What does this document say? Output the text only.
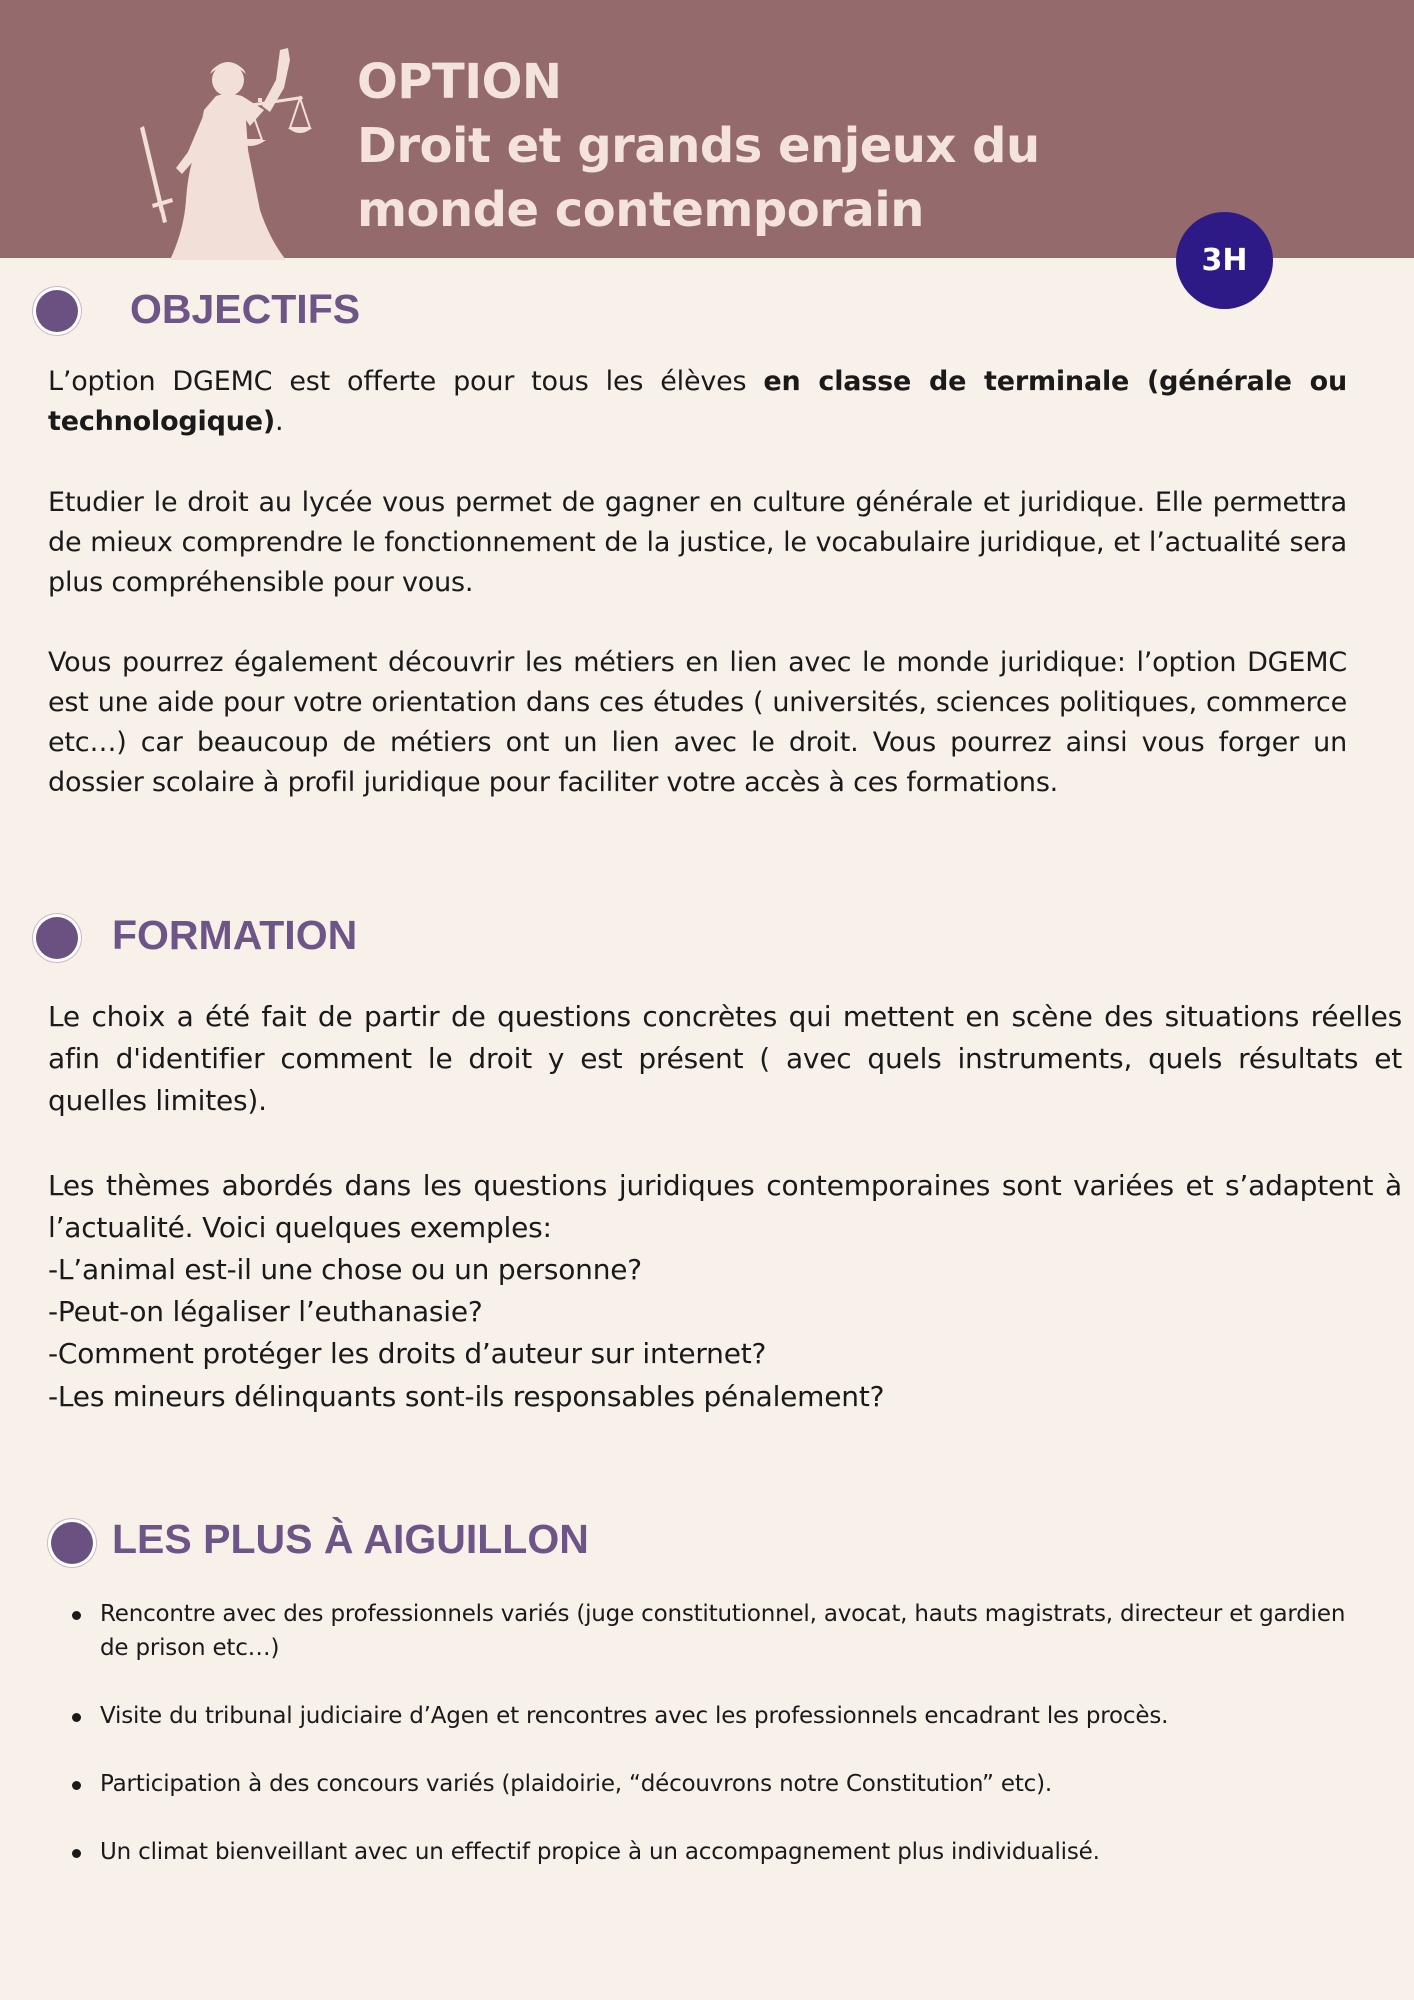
OPTION
Droit et grands enjeux du
monde contemporain
3H
OBJECTIFS
L’option DGEMC est offerte pour tous les élèves en classe de terminale (générale ou technologique).
Etudier le droit au lycée vous permet de gagner en culture générale et juridique. Elle permettra de mieux comprendre le fonctionnement de la justice, le vocabulaire juridique, et l’actualité sera plus compréhensible pour vous.
Vous pourrez également découvrir les métiers en lien avec le monde juridique: l’option DGEMC est une aide pour votre orientation dans ces études ( universités, sciences politiques, commerce etc…) car beaucoup de métiers ont un lien avec le droit. Vous pourrez ainsi vous forger un dossier scolaire à profil juridique pour faciliter votre accès à ces formations.
FORMATION
Le choix a été fait de partir de questions concrètes qui mettent en scène des situations réelles afin d'identifier comment le droit y est présent ( avec quels instruments, quels résultats et quelles limites).
Les thèmes abordés dans les questions juridiques contemporaines sont variées et s’adaptent à l’actualité. Voici quelques exemples:
-L’animal est-il une chose ou un personne?
-Peut-on légaliser l’euthanasie?
-Comment protéger les droits d’auteur sur internet?
-Les mineurs délinquants sont-ils responsables pénalement?
LES PLUS À AIGUILLON
Rencontre avec des professionnels variés (juge constitutionnel, avocat, hauts magistrats, directeur et gardien de prison etc…)
Visite du tribunal judiciaire d’Agen et rencontres avec les professionnels encadrant les procès.
Participation à des concours variés (plaidoirie, “découvrons notre Constitution” etc).
Un climat bienveillant avec un effectif propice à un accompagnement plus individualisé.
